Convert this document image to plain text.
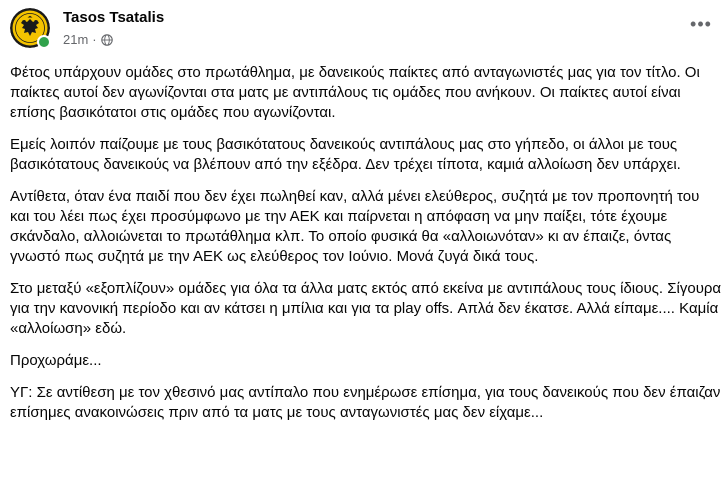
Tasos Tsatalis
21m ·
•••

Φέτος υπάρχουν ομάδες στο πρωτάθλημα, με δανεικούς παίκτες από ανταγωνιστές μας για τον τίτλο. Οι παίκτες αυτοί δεν αγωνίζονται στα ματς με αντιπάλους τις ομάδες που ανήκουν. Οι παίκτες αυτοί είναι επίσης βασικότατοι στις ομάδες που αγωνίζονται.

Εμείς λοιπόν παίζουμε με τους βασικότατους δανεικούς αντιπάλους μας στο γήπεδο, οι άλλοι με τους βασικότατους δανεικούς να βλέπουν από την εξέδρα. Δεν τρέχει τίποτα, καμιά αλλοίωση δεν υπάρχει.

Αντίθετα, όταν ένα παιδί που δεν έχει πωληθεί καν, αλλά μένει ελεύθερος, συζητά με τον προπονητή του και του λέει πως έχει προσύμφωνο με την ΑΕΚ και παίρνεται η απόφαση να μην παίξει, τότε έχουμε σκάνδαλο, αλλοιώνεται το πρωτάθλημα κλπ. Το οποίο φυσικά θα «αλλοιωνόταν» κι αν έπαιζε, όντας γνωστό πως συζητά με την ΑΕΚ ως ελεύθερος τον Ιούνιο. Μονά ζυγά δικά τους.

Στο μεταξύ «εξοπλίζουν» ομάδες για όλα τα άλλα ματς εκτός από εκείνα με αντιπάλους τους ίδιους. Σίγουρα για την κανονική περίοδο και αν κάτσει η μπίλια και για τα play offs. Απλά δεν έκατσε. Αλλά είπαμε.... Καμία «αλλοίωση» εδώ.

Προχωράμε...

ΥΓ: Σε αντίθεση με τον χθεσινό μας αντίπαλο που ενημέρωσε επίσημα, για τους δανεικούς που δεν έπαιζαν επίσημες ανακοινώσεις πριν από τα ματς με τους ανταγωνιστές μας δεν είχαμε...
